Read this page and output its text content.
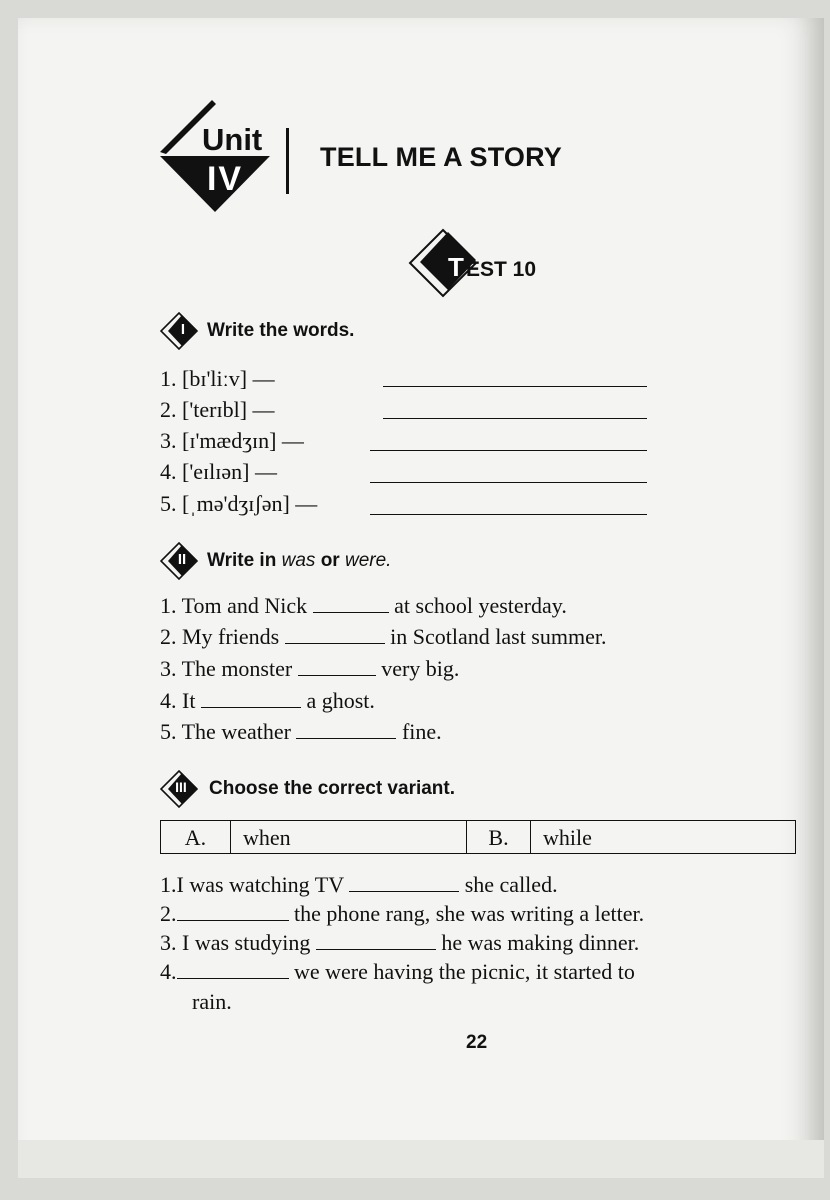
Unit
IV
TELL ME A STORY
T EST 10
I	Write the words.
1. [bɪ'liːv] —
2. ['terɪbl] —
3. [ɪ'mædʒɪn] —
4. ['eɪlɪən] —
5. [ˌmə'dʒɪʃən] —
II	Write in was or were.
1. Tom and Nick	at school yesterday.
2. My friends	in Scotland last summer.
3. The monster	very big.
4. It	a ghost.
5. The weather	fine.
III	Choose the correct variant.
A.	when	B.	while
1.I was watching TV	she called.
2.	the phone rang, she was writing a letter.
3. I was studying	he was making dinner.
4.	we were having the picnic, it started to
rain.
22
